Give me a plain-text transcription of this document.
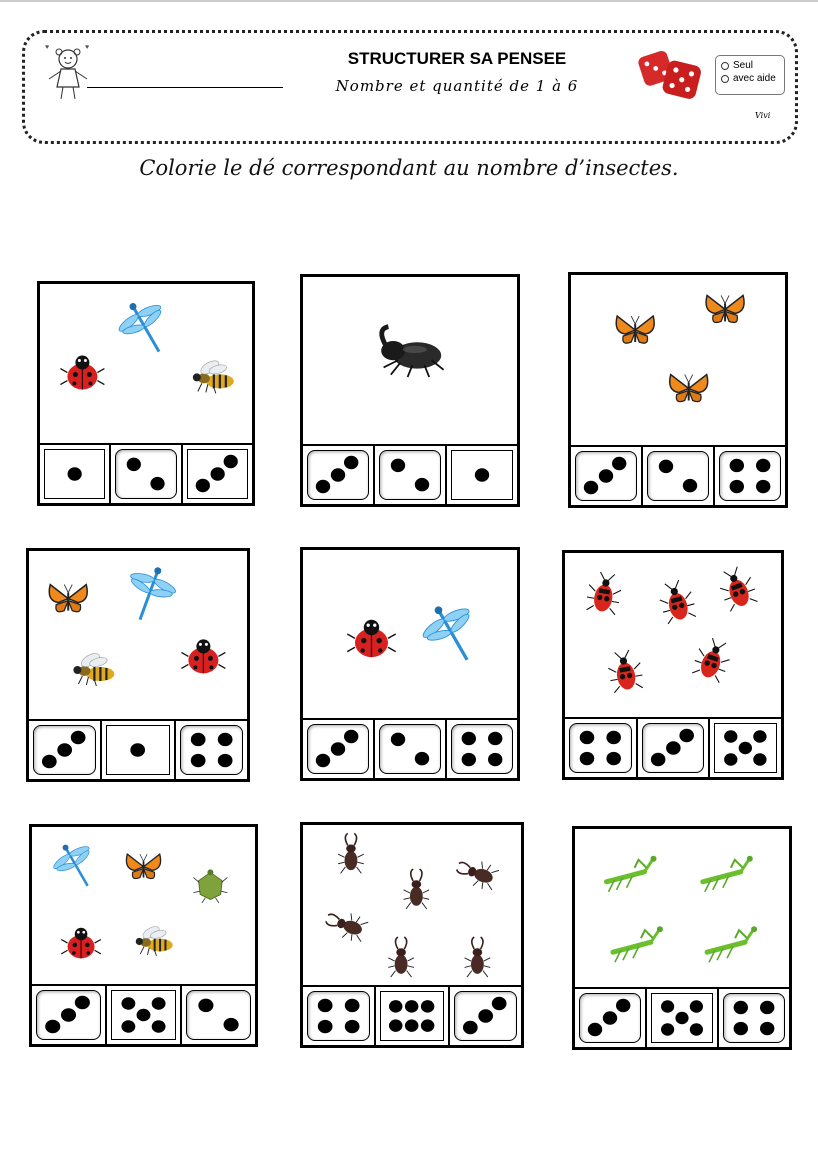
♥	♥
STRUCTURER SA PENSEE
Nombre et quantité de 1 à 6
Seul
avec aide
Vivi
Colorie le dé correspondant au nombre d’insectes.
